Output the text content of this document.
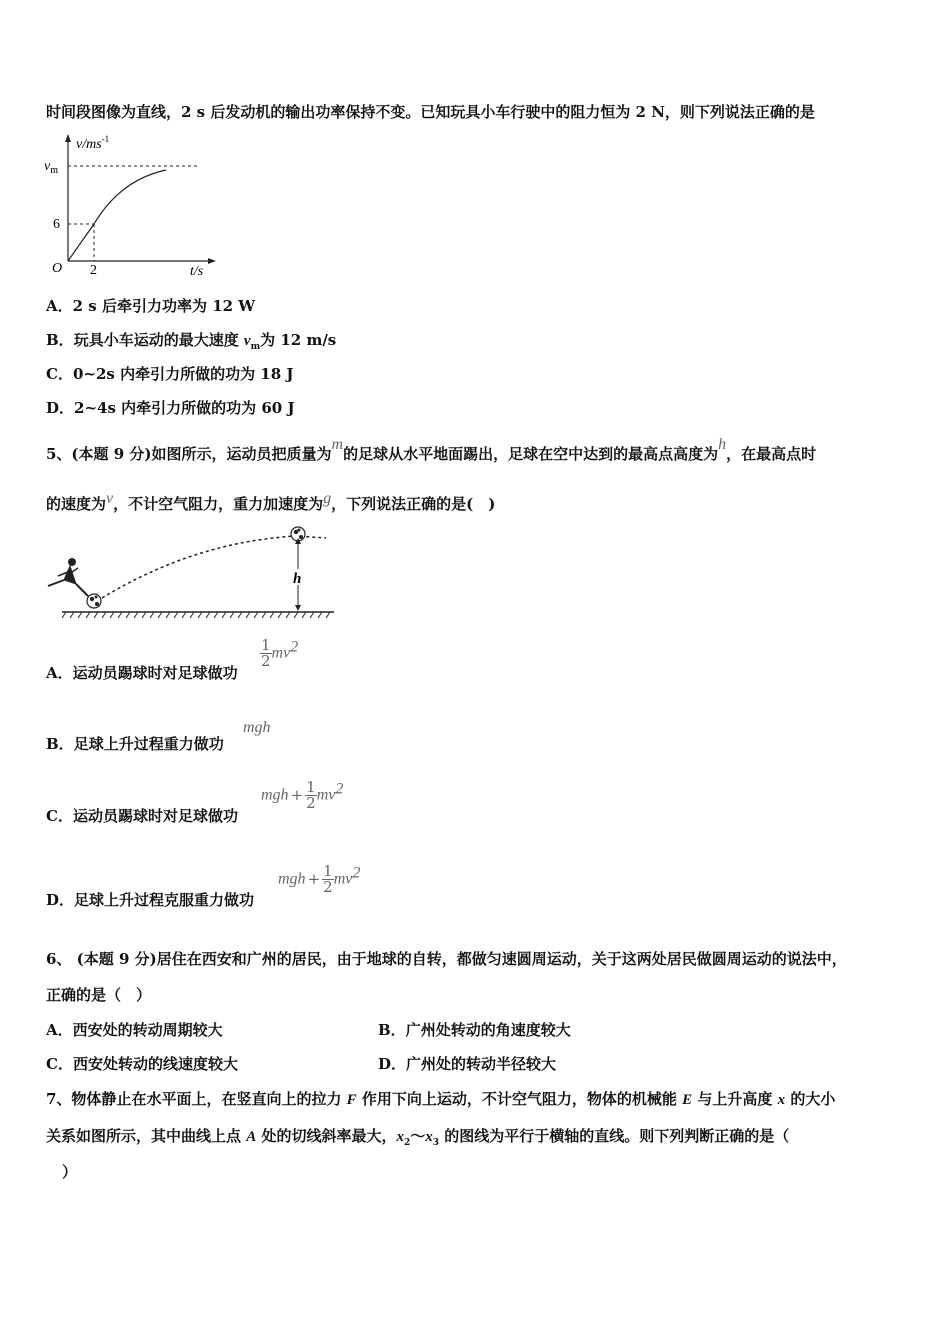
时间段图像为直线，2 s 后发动机的输出功率保持不变。已知玩具小车行驶中的阻力恒为 2 N，则下列说法正确的是
$v/ms^{-1}$
$v_m$
6
O 2	t/s
A．2 s 后牵引力功率为 12 W
B．玩具小车运动的最大速度 $v_m$为 12 m/s
C．0~2s 内牵引力所做的功为 18 J
D．2~4s 内牵引力所做的功为 60 J
5、(本题 9 分)如图所示，运动员把质量为m的足球从水平地面踢出，足球在空中达到的最高点高度为h，在最高点时
的速度为v，不计空气阻力，重力加速度为g，下列说法正确的是(　)
h
A．运动员踢球时对足球做功
$\frac{1}{2} mv^2$
B．足球上升过程重力做功
mgh
C．运动员踢球时对足球做功
mgh + $\frac{1}{2} mv^2$
D．足球上升过程克服重力做功
mgh + $\frac{1}{2} mv^2$
6、 (本题 9 分)居住在西安和广州的居民，由于地球的自转，都做匀速圆周运动，关于这两处居民做圆周运动的说法中，
正确的是（　）
A．西安处的转动周期较大	B．广州处转动的角速度较大
C．西安处转动的线速度较大	D．广州处的转动半径较大
7、物体静止在水平面上，在竖直向上的拉力 F 作用下向上运动，不计空气阻力，物体的机械能 E 与上升高度 x 的大小
关系如图所示，其中曲线上点 A 处的切线斜率最大，$x_2\sim x_3$ 的图线为平行于横轴的直线。则下列判断正确的是（
）
